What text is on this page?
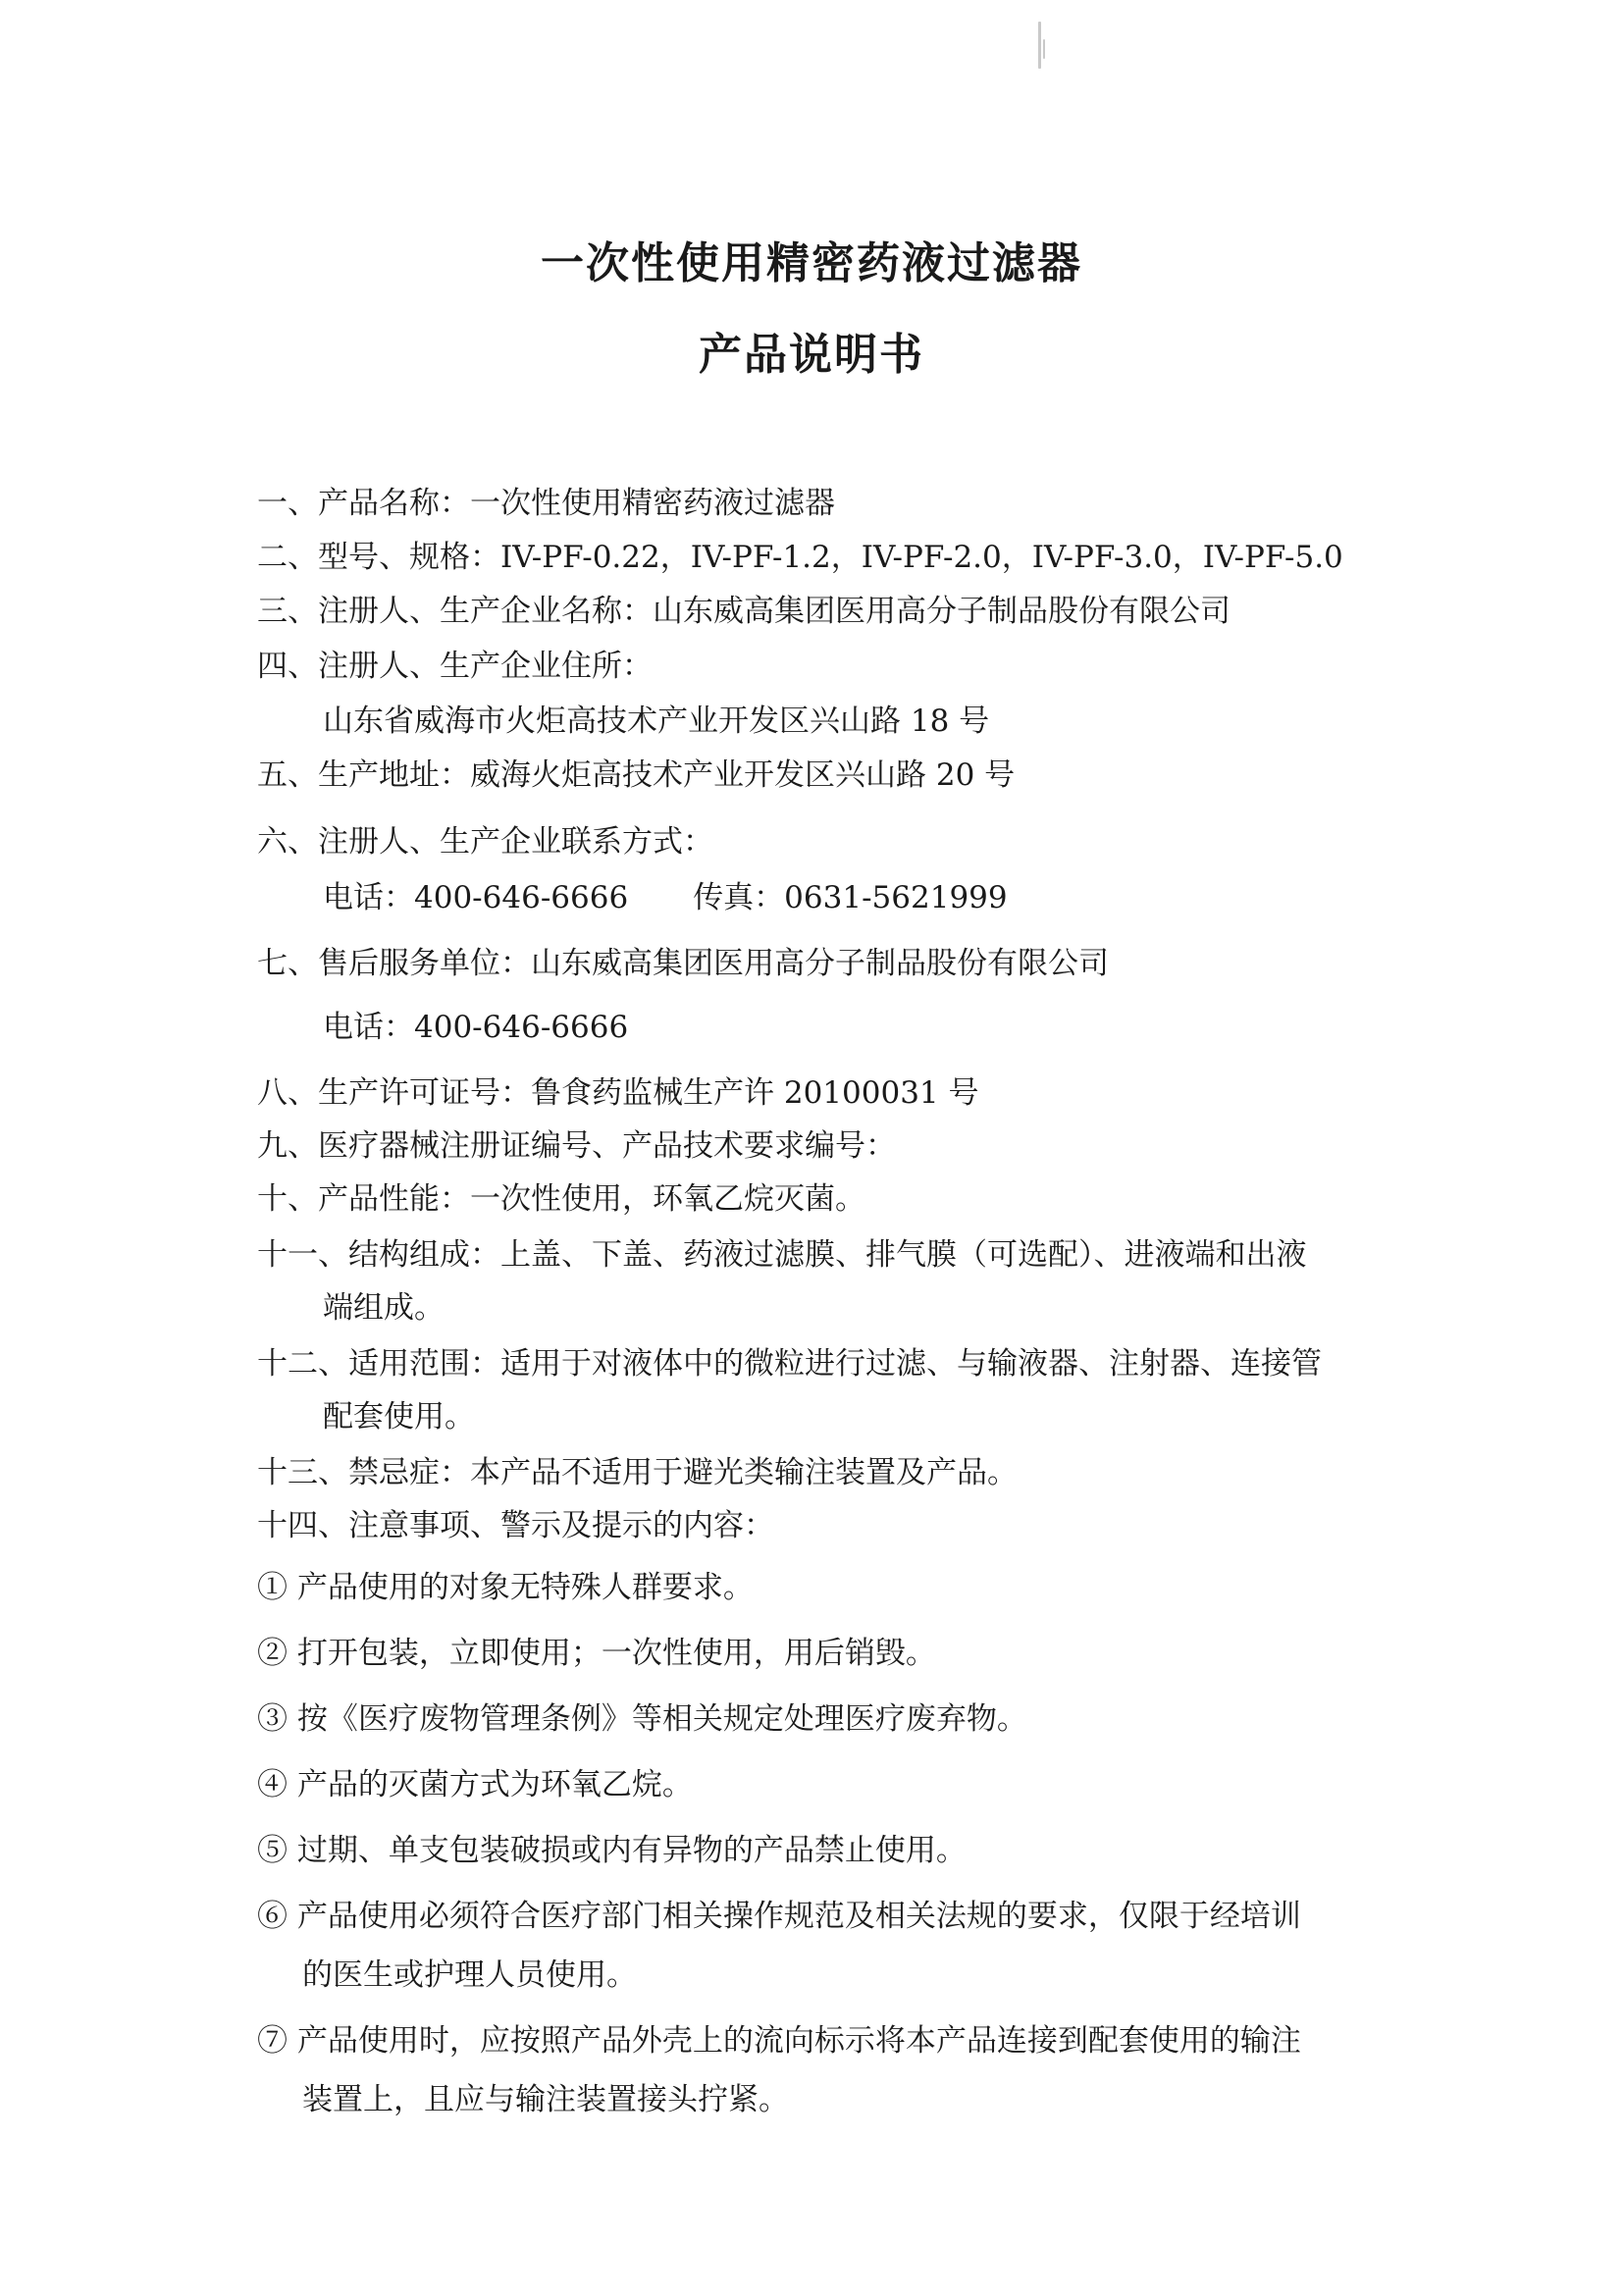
一次性使用精密药液过滤器
产品说明书
一、产品名称：一次性使用精密药液过滤器
二、型号、规格：IV-PF-0.22，IV-PF-1.2，IV-PF-2.0，IV-PF-3.0，IV-PF-5.0
三、注册人、生产企业名称：山东威高集团医用高分子制品股份有限公司
四、注册人、生产企业住所：
山东省威海市火炬高技术产业开发区兴山路 18 号
五、生产地址：威海火炬高技术产业开发区兴山路 20 号
六、注册人、生产企业联系方式：
电话：400-646-6666 传真：0631-5621999
七、售后服务单位：山东威高集团医用高分子制品股份有限公司
电话：400-646-6666
八、生产许可证号：鲁食药监械生产许 20100031 号
九、医疗器械注册证编号、产品技术要求编号：
十、产品性能：一次性使用，环氧乙烷灭菌。
十一、结构组成：上盖、下盖、药液过滤膜、排气膜（可选配）、进液端和出液
端组成。
十二、适用范围：适用于对液体中的微粒进行过滤、与输液器、注射器、连接管
配套使用。
十三、禁忌症：本产品不适用于避光类输注装置及产品。
十四、注意事项、警示及提示的内容：
① 产品使用的对象无特殊人群要求。
② 打开包装，立即使用；一次性使用，用后销毁。
③ 按《医疗废物管理条例》等相关规定处理医疗废弃物。
④ 产品的灭菌方式为环氧乙烷。
⑤ 过期、单支包装破损或内有异物的产品禁止使用。
⑥ 产品使用必须符合医疗部门相关操作规范及相关法规的要求，仅限于经培训
的医生或护理人员使用。
⑦ 产品使用时，应按照产品外壳上的流向标示将本产品连接到配套使用的输注
装置上，且应与输注装置接头拧紧。
